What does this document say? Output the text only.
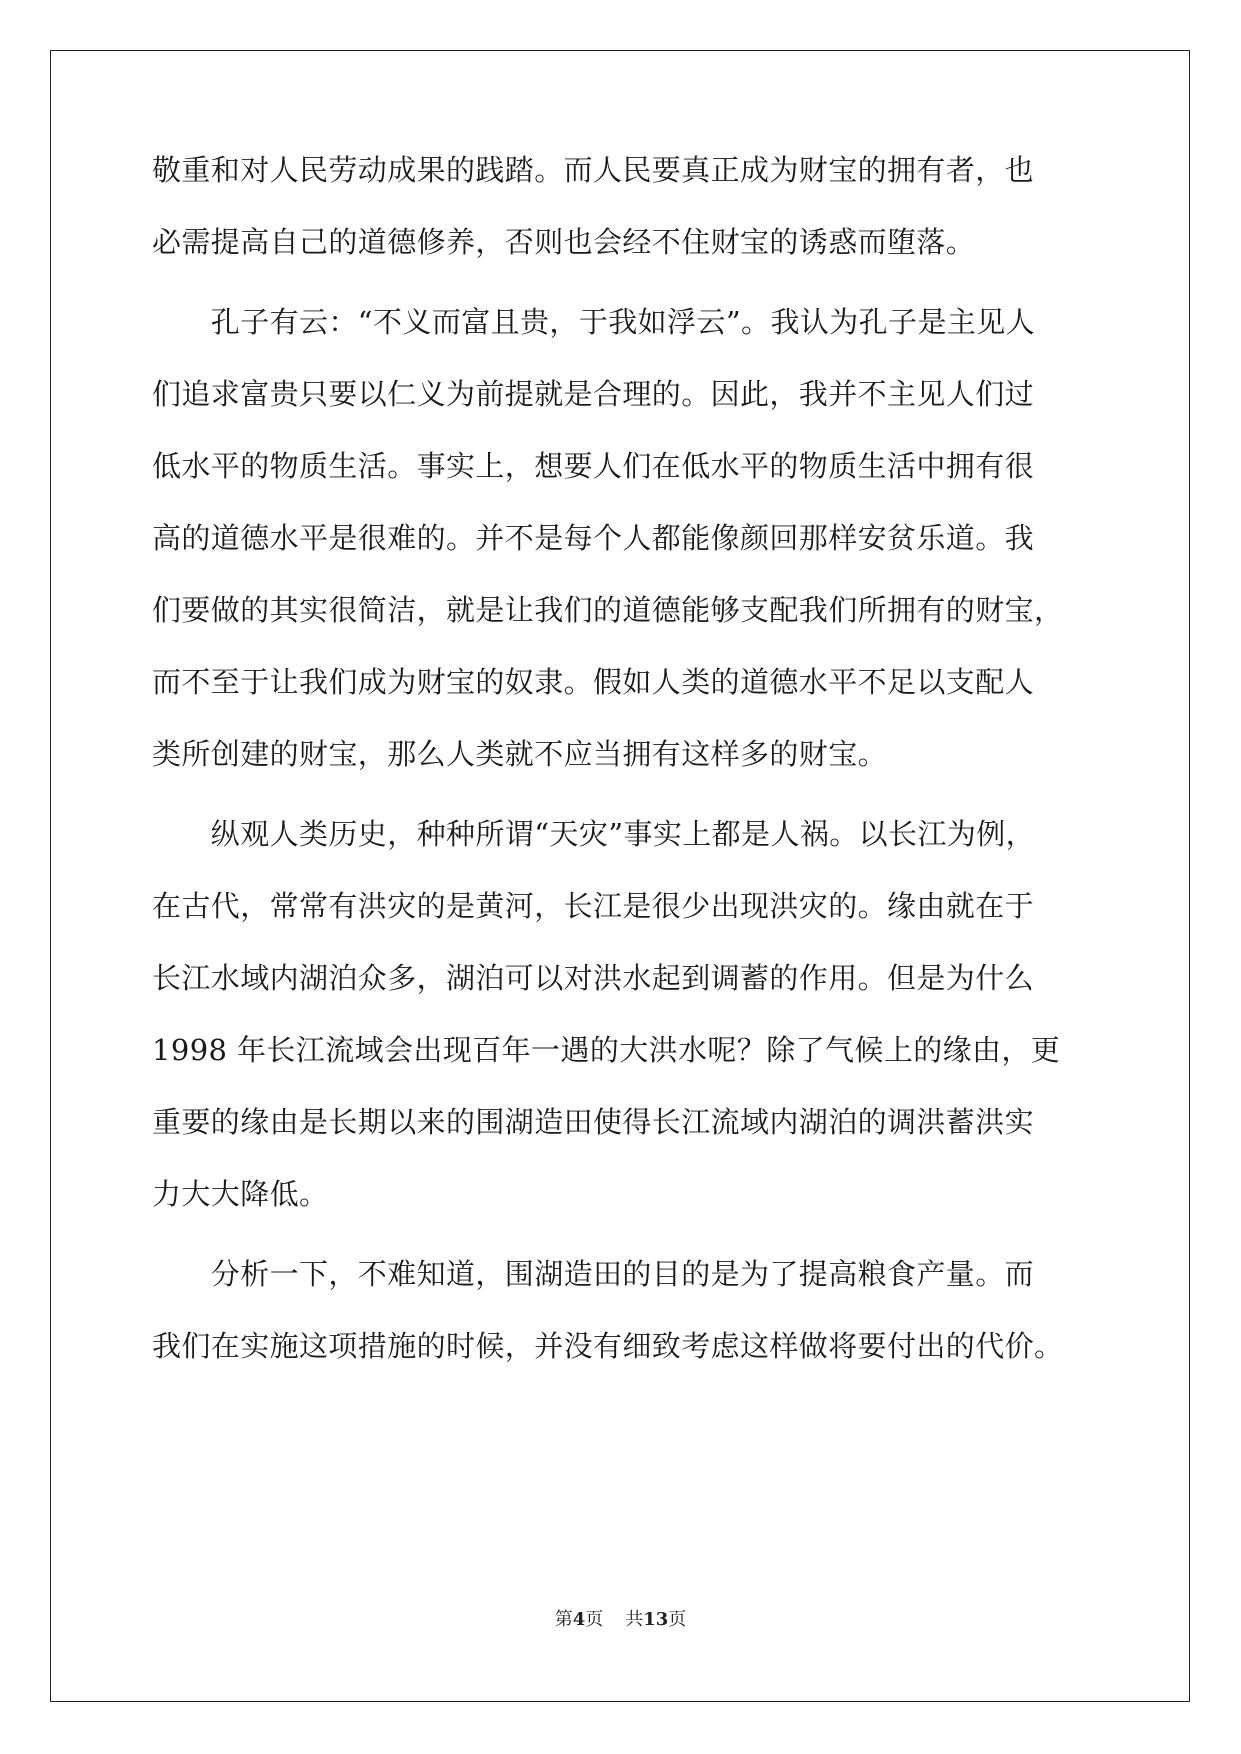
敬重和对人民劳动成果的践踏。而人民要真正成为财宝的拥有者，也
必需提高自己的道德修养，否则也会经不住财宝的诱惑而堕落。
　　孔子有云：“不义而富且贵，于我如浮云”。我认为孔子是主见人
们追求富贵只要以仁义为前提就是合理的。因此，我并不主见人们过
低水平的物质生活。事实上，想要人们在低水平的物质生活中拥有很
高的道德水平是很难的。并不是每个人都能像颜回那样安贫乐道。我
们要做的其实很简洁，就是让我们的道德能够支配我们所拥有的财宝，
而不至于让我们成为财宝的奴隶。假如人类的道德水平不足以支配人
类所创建的财宝，那么人类就不应当拥有这样多的财宝。
　　纵观人类历史，种种所谓“天灾”事实上都是人祸。以长江为例，
在古代，常常有洪灾的是黄河，长江是很少出现洪灾的。缘由就在于
长江水域内湖泊众多，湖泊可以对洪水起到调蓄的作用。但是为什么
1998 年长江流域会出现百年一遇的大洪水呢？除了气候上的缘由，更
重要的缘由是长期以来的围湖造田使得长江流域内湖泊的调洪蓄洪实
力大大降低。
　　分析一下，不难知道，围湖造田的目的是为了提高粮食产量。而
我们在实施这项措施的时候，并没有细致考虑这样做将要付出的代价。
第4页 共13页
